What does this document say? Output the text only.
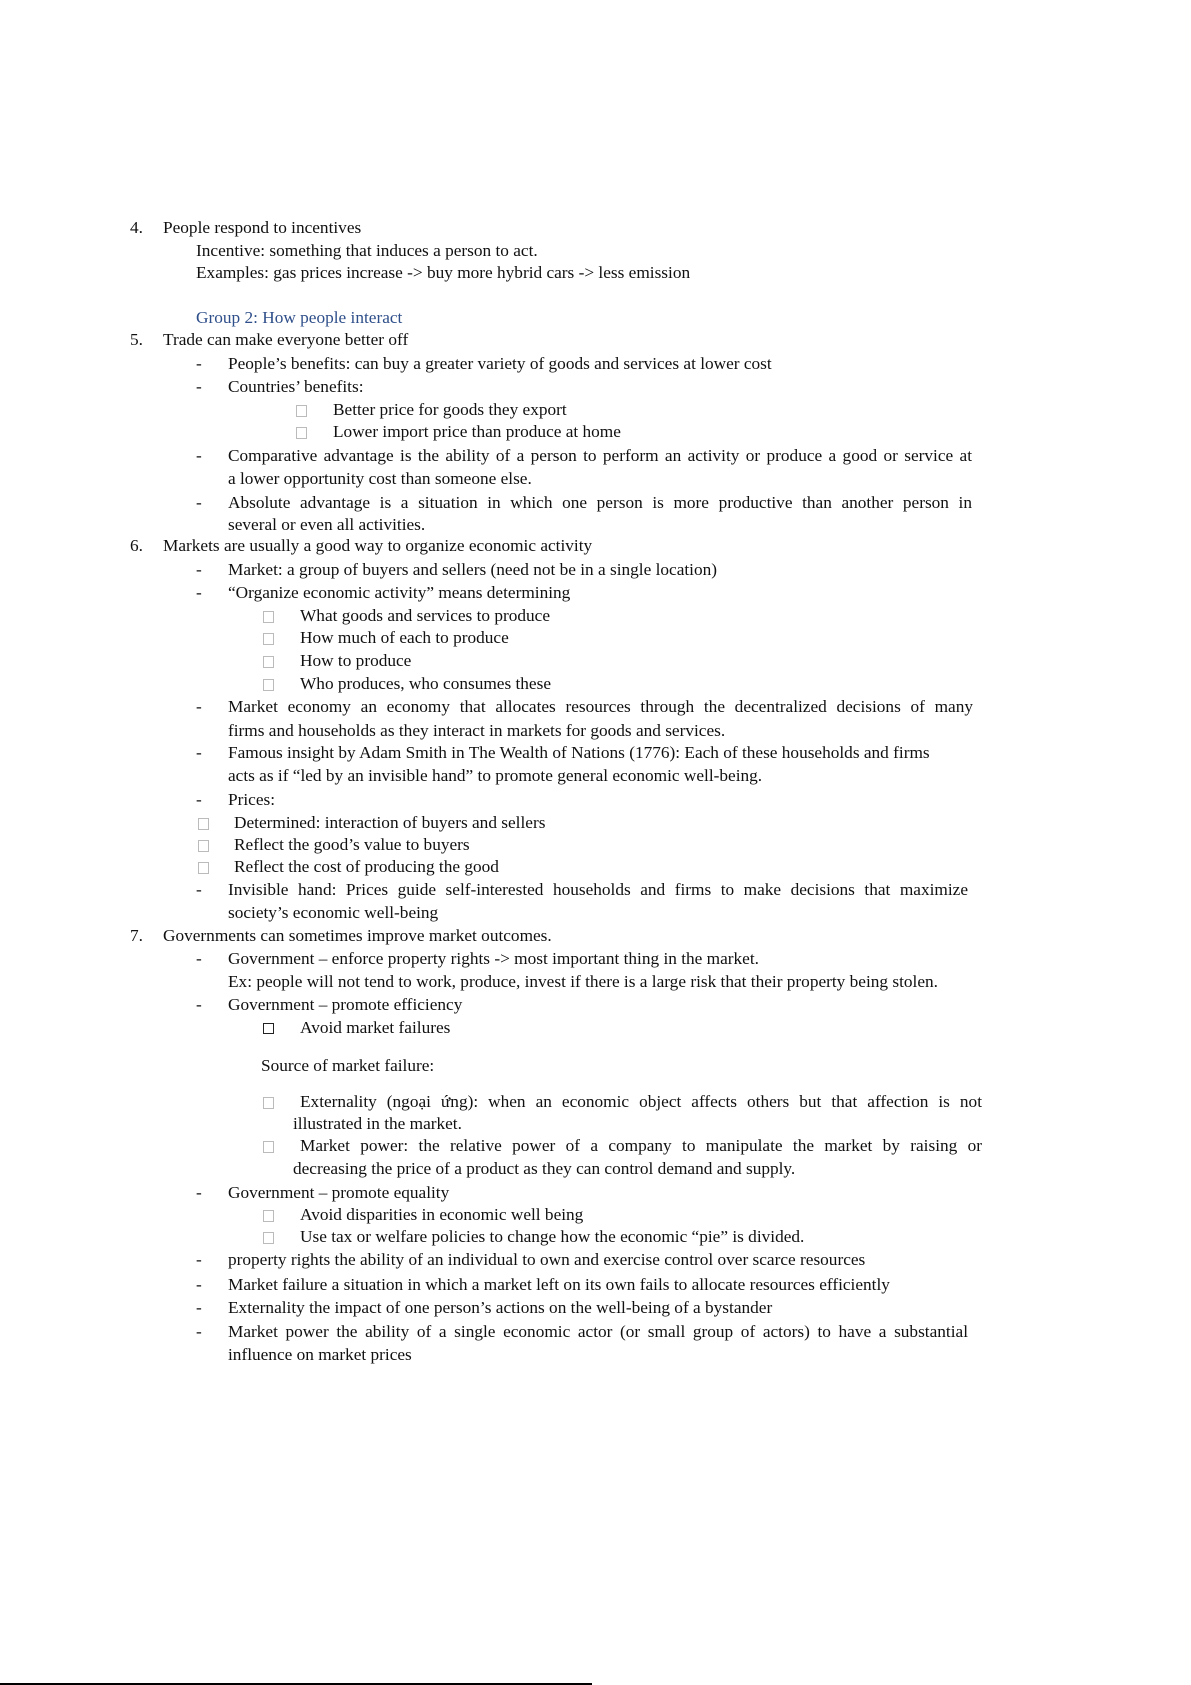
4. People respond to incentives
Incentive: something that induces a person to act.
Examples: gas prices increase -> buy more hybrid cars -> less emission
Group 2: How people interact
5. Trade can make everyone better off
- People’s benefits: can buy a greater variety of goods and services at lower cost
- Countries’ benefits:
Better price for goods they export
Lower import price than produce at home
- Comparative advantage is the ability of a person to perform an activity or produce a good or service at
a lower opportunity cost than someone else.
- Absolute advantage is a situation in which one person is more productive than another person in
several or even all activities.
6. Markets are usually a good way to organize economic activity
- Market: a group of buyers and sellers (need not be in a single location)
- “Organize economic activity” means determining
What goods and services to produce
How much of each to produce
How to produce
Who produces, who consumes these
- Market economy an economy that allocates resources through the decentralized decisions of many
firms and households as they interact in markets for goods and services.
- Famous insight by Adam Smith in The Wealth of Nations (1776): Each of these households and firms
acts as if “led by an invisible hand” to promote general economic well-being.
- Prices:
Determined: interaction of buyers and sellers
Reflect the good’s value to buyers
Reflect the cost of producing the good
- Invisible hand: Prices guide self-interested households and firms to make decisions that maximize
society’s economic well-being
7. Governments can sometimes improve market outcomes.
- Government – enforce property rights -> most important thing in the market.
Ex: people will not tend to work, produce, invest if there is a large risk that their property being stolen.
- Government – promote efficiency
Avoid market failures
Source of market failure:
Externality (ngoại ứng): when an economic object affects others but that affection is not
illustrated in the market.
Market power: the relative power of a company to manipulate the market by raising or
decreasing the price of a product as they can control demand and supply.
- Government – promote equality
Avoid disparities in economic well being
Use tax or welfare policies to change how the economic “pie” is divided.
- property rights the ability of an individual to own and exercise control over scarce resources
- Market failure a situation in which a market left on its own fails to allocate resources efficiently
- Externality the impact of one person’s actions on the well-being of a bystander
- Market power the ability of a single economic actor (or small group of actors) to have a substantial
influence on market prices
